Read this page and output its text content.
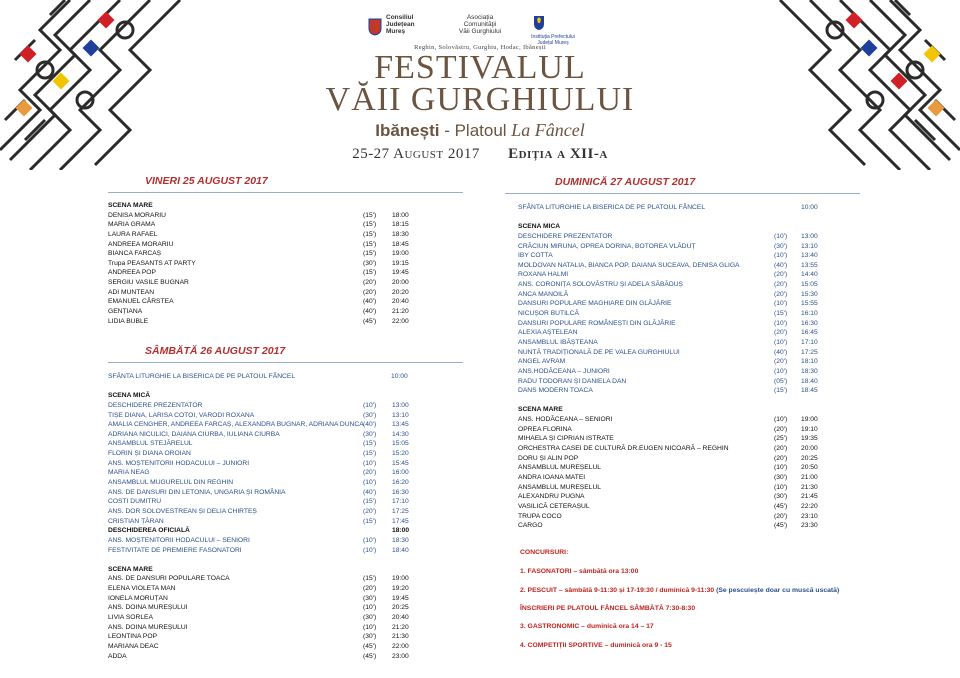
Consiliul
Județean
Mureș
Asociația
Comunităţii
Văii Gurghiului
Instituția Prefectului
Județul Mureș
Reghin, Solovăstru, Gurghiu, Hodac, Ibănești
FESTIVALUL
VĂII GURGHIULUI
Ibănești - Platoul La Fâncel
25-27 August 2017 Ediția a XII-a
VINERI 25 AUGUST 2017
SCENA MARE
DENISA MORARIU	(15') 18:00
MARIA GRAMA	(15') 18:15
LAURA RAFAEL	(15') 18:30
ANDREEA MORARIU	(15') 18:45
BIANCA FARCAȘ	(15') 19:00
Trupa PEASANTS AT PARTY	(30') 19:15
ANDREEA POP	(15') 19:45
SERGIU VASILE BUGNAR	(20') 20:00
ADI MUNTEAN	(20') 20:20
EMANUEL CÂRSTEA	(40') 20:40
GENȚIANA	(40') 21:20
LIDIA BUBLE	(45') 22:00
SÂMBĂTĂ 26 AUGUST 2017
SFÂNTA LITURGHIE LA BISERICA DE PE PLATOUL FÂNCEL	10:00
SCENA MICĂ
DESCHIDERE PREZENTATOR	(10') 13:00
TIȘE DIANA, LARISA COTOI, VARODI ROXANA	(30') 13:10
AMALIA CENGHER, ANDREEA FARCAȘ, ALEXANDRA BUGNAR, ADRIANA DUNCA (40') 13:45
ADRIANA NICULICI, DAIANA CIURBA, IULIANA CIURBA	(30') 14:30
ANSAMBLUL STEJĂRELUL	(15') 15:05
FLORIN ȘI DIANA OROIAN	(15') 15:20
ANS. MOȘTENITORII HODACULUI – JUNIORI	(10') 15:45
MARIA NEAG	(20') 16:00
ANSAMBLUL MUGURELUL DIN REGHIN	(10') 16:20
ANS. DE DANSURI DIN LETONIA, UNGARIA ȘI ROMÂNIA	(40') 16:30
COSTI DUMITRU	(15') 17:10
ANS. DOR SOLOVESTREAN ȘI DELIA CHIRTEȘ	(20') 17:25
CRISTIAN ȚĂRAN	(15') 17:45
DESCHIDEREA OFICIALĂ	18:00
ANS. MOȘTENITORII HODACULUI – SENIORI	(10') 18:30
FESTIVITATE DE PREMIERE FASONATORI	(10') 18:40
SCENA MARE
ANS. DE DANSURI POPULARE TOACA	(15') 19:00
ELENA VIOLETA MAN	(20') 19:20
IONELA MORUȚAN	(30') 19:45
ANS. DOINA MUREȘULUI	(10') 20:25
LIVIA SORLEA	(30') 20:40
ANS. DOINA MUREȘULUI	(10') 21:20
LEONTINA POP	(30') 21:30
MARIANA DEAC	(45') 22:00
ADDA	(45') 23:00
DUMINICĂ 27 AUGUST 2017
SFÂNTA LITURGHIE LA BISERICA DE PE PLATOUL FÂNCEL	10:00
SCENA MICA
DESCHIDERE PREZENTATOR	(10') 13:00
CRĂCIUN MIRUNA, OPREA DORINA, BOTOREA VLĂDUȚ	(30') 13:10
IBY COTTA	(10') 13:40
MOLDOVAN NATALIA, BIANCA POP, DAIANA SUCEAVA, DENISA GLIGA	(40') 13:55
ROXANA HALMI	(20') 14:40
ANS. CORONIȚA SOLOVĂSTRU ȘI ADELA SĂBĂDUȘ	(20') 15:05
ANCA MANOILĂ	(20') 15:30
DANSURI POPULARE MAGHIARE DIN GLĂJĂRIE	(10') 15:55
NICUȘOR BUTILCĂ	(15') 16:10
DANSURI POPULARE ROMÂNEȘTI DIN GLĂJĂRIE	(10') 16:30
ALEXIA AȘTELEAN	(20') 16:45
ANSAMBLUL IBĂȘTEANA	(10') 17:10
NUNTĂ TRADIȚIONALĂ DE PE VALEA GURGHIULUI	(40') 17:25
ANGEL AVRAM	(20') 18:10
ANS.HODĂCEANA – JUNIORI	(10') 18:30
RADU TODORAN ȘI DANIELA DAN	(05') 18:40
DANS MODERN TOACA	(15') 18:45
SCENA MARE
ANS. HODĂCEANA – SENIORI	(10') 19:00
OPREA FLORINA	(20') 19:10
MIHAELA ȘI CIPRIAN ISTRATE	(25') 19:35
ORCHESTRA CASEI DE CULTURĂ DR.EUGEN NICOARĂ – REGHIN	(20') 20:00
DORU ȘI ALIN POP	(20') 20:25
ANSAMBLUL MUREȘELUL	(10') 20:50
ANDRA IOANA MATEI	(30') 21:00
ANSAMBLUL MUREȘELUL	(10') 21:30
ALEXANDRU PUGNA	(30') 21:45
VASILICĂ CETERAȘUL	(45') 22:20
TRUPA COCO	(20') 23:10
CARGO	(45') 23:30
CONCURSURI:
1. FASONATORI – sâmbătă ora 13:00
2. PESCUIT – sâmbătă 9-11:30 și 17-19:30 / duminică 9-11:30 (Se pescuiește doar cu muscă uscată)
ÎNSCRIERI PE PLATOUL FÂNCEL SÂMBĂTĂ 7:30-8:30
3. GASTRONOMIC – duminică ora 14 – 17
4. COMPETIȚII SPORTIVE – duminică ora 9 - 15
